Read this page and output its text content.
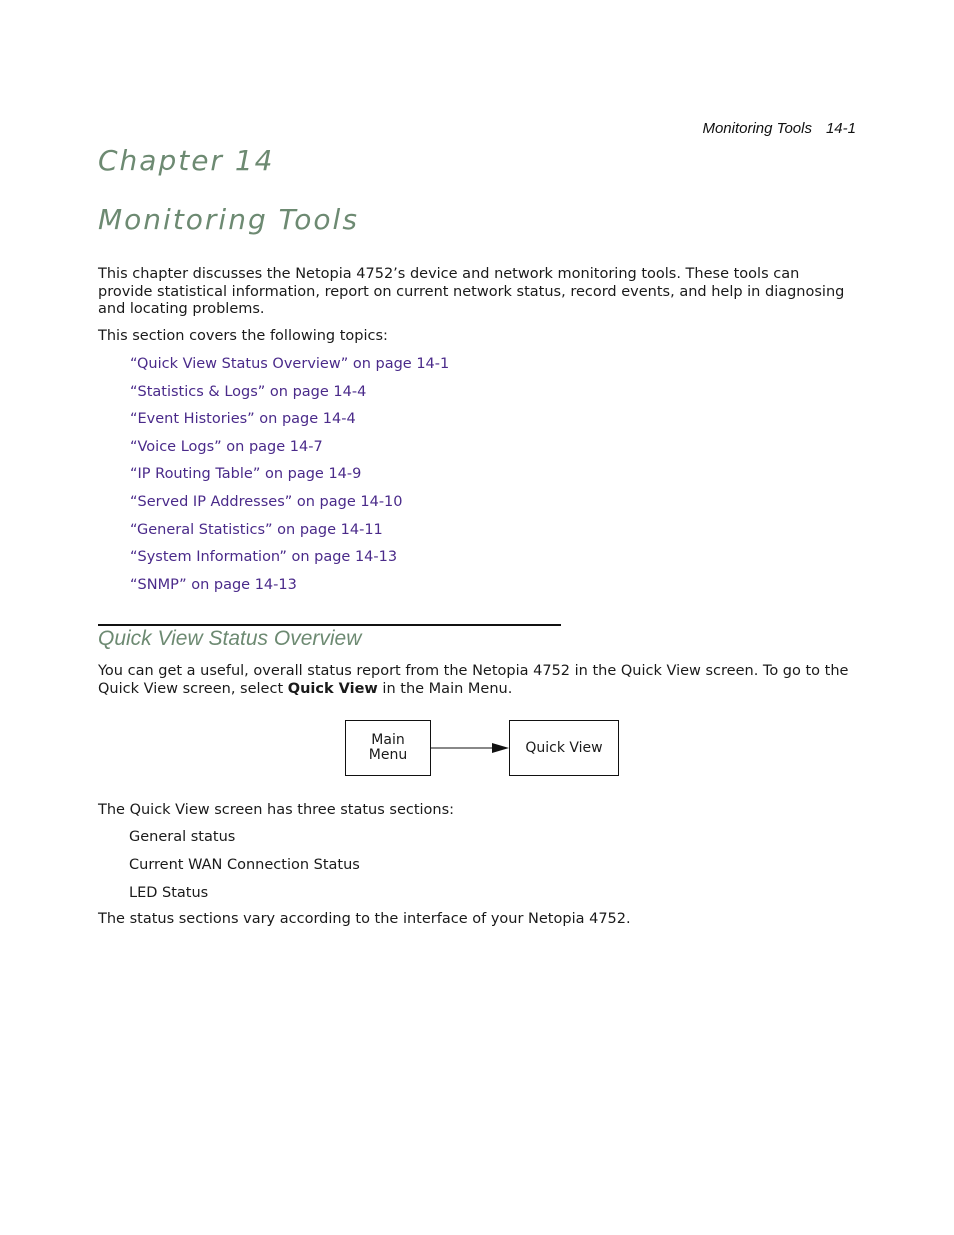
Monitoring Tools 14-1
Chapter 14
Monitoring Tools

This chapter discusses the Netopia 4752’s device and network monitoring tools. These tools can provide statistical information, report on current network status, record events, and help in diagnosing and locating problems.

This section covers the following topics:

“Quick View Status Overview” on page 14-1
“Statistics & Logs” on page 14-4
“Event Histories” on page 14-4
“Voice Logs” on page 14-7
“IP Routing Table” on page 14-9
“Served IP Addresses” on page 14-10
“General Statistics” on page 14-11
“System Information” on page 14-13
“SNMP” on page 14-13
Quick View Status Overview

You can get a useful, overall status report from the Netopia 4752 in the Quick View screen. To go to the Quick View screen, select Quick View in the Main Menu.

Main Menu	Quick View

The Quick View screen has three status sections:

General status
Current WAN Connection Status
LED Status

The status sections vary according to the interface of your Netopia 4752.
